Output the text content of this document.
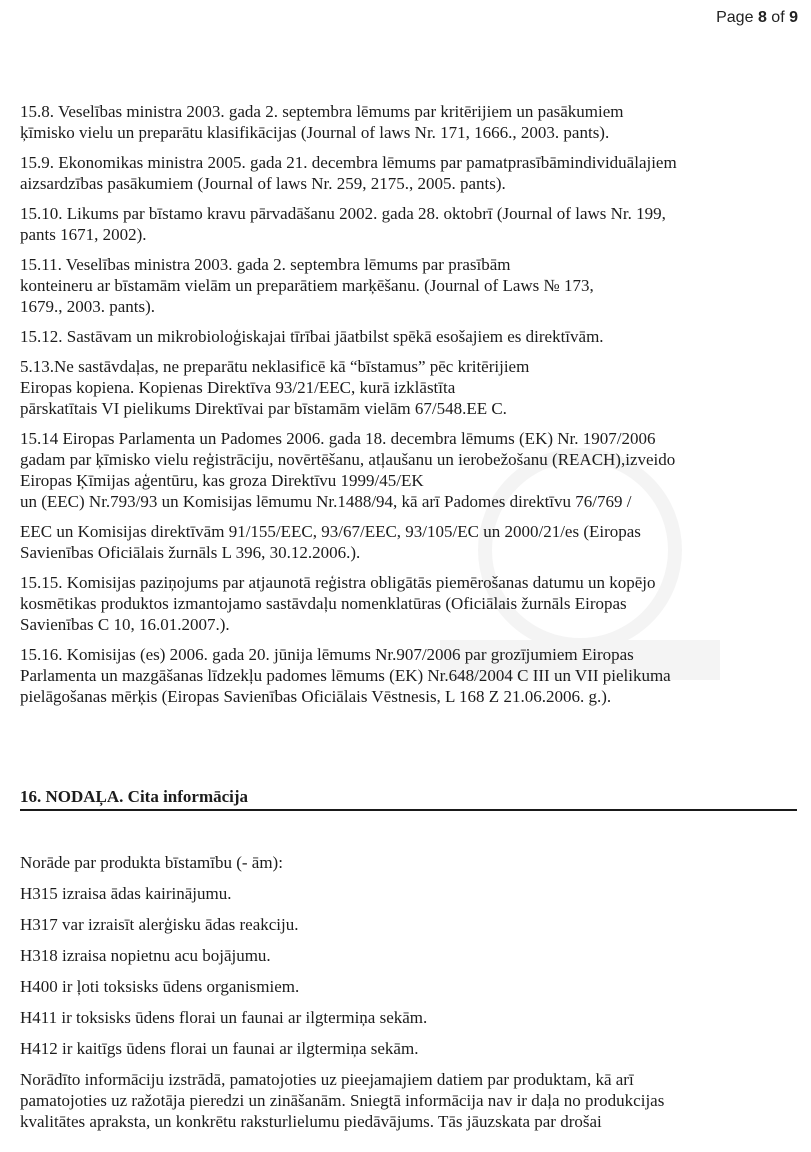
Page 8 of 9
15.8. Veselības ministra 2003. gada 2. septembra lēmums par kritērijiem un pasākumiem
ķīmisko vielu un preparātu klasifikācijas (Journal of laws Nr. 171, 1666., 2003. pants).
15.9. Ekonomikas ministra 2005. gada 21. decembra lēmums par pamatprasībāmindividuālajiem
aizsardzības pasākumiem (Journal of laws Nr. 259, 2175., 2005. pants).
15.10. Likums par bīstamo kravu pārvadāšanu 2002. gada 28. oktobrī (Journal of laws Nr. 199,
pants 1671, 2002).
15.11. Veselības ministra 2003. gada 2. septembra lēmums par prasībām
konteineru ar bīstamām vielām un preparātiem marķēšanu. (Journal of Laws № 173,
1679., 2003. pants).
15.12. Sastāvam un mikrobioloģiskajai tīrībai jāatbilst spēkā esošajiem es direktīvām.
5.13.Ne sastāvdaļas, ne preparātu neklasificē kā “bīstamus” pēc kritērijiem
Eiropas kopiena. Kopienas Direktīva 93/21/EEC, kurā izklāstīta
pārskatītais VI pielikums Direktīvai par bīstamām vielām 67/548.EE C.
15.14 Eiropas Parlamenta un Padomes 2006. gada 18. decembra lēmums (EK) Nr. 1907/2006
gadam par ķīmisko vielu reģistrāciju, novērtēšanu, atļaušanu un ierobežošanu (REACH),izveido
Eiropas Ķīmijas aģentūru, kas groza Direktīvu 1999/45/EK
un (EEC) Nr.793/93 un Komisijas lēmumu Nr.1488/94, kā arī Padomes direktīvu 76/769 /
EEC un Komisijas direktīvām 91/155/EEC, 93/67/EEC, 93/105/EC un 2000/21/es (Eiropas
Savienības Oficiālais žurnāls L 396, 30.12.2006.).
15.15. Komisijas paziņojums par atjaunotā reģistra obligātās piemērošanas datumu un kopējo
kosmētikas produktos izmantojamo sastāvdaļu nomenklatūras (Oficiālais žurnāls Eiropas
Savienības C 10, 16.01.2007.).
15.16. Komisijas (es) 2006. gada 20. jūnija lēmums Nr.907/2006 par grozījumiem Eiropas
Parlamenta un mazgāšanas līdzekļu padomes lēmums (EK) Nr.648/2004 C III un VII pielikuma
pielāgošanas mērķis (Eiropas Savienības Oficiālais Vēstnesis, L 168 Z 21.06.2006. g.).
16. NODAĻA. Cita informācija
Norāde par produkta bīstamību (- ām):
H315 izraisa ādas kairinājumu.
H317 var izraisīt alerģisku ādas reakciju.
H318 izraisa nopietnu acu bojājumu.
H400 ir ļoti toksisks ūdens organismiem.
H411 ir toksisks ūdens florai un faunai ar ilgtermiņa sekām.
H412 ir kaitīgs ūdens florai un faunai ar ilgtermiņa sekām.
Norādīto informāciju izstrādā, pamatojoties uz pieejamajiem datiem par produktam, kā arī
pamatojoties uz ražotāja pieredzi un zināšanām. Sniegtā informācija nav ir daļa no produkcijas
kvalitātes apraksta, un konkrētu raksturlielumu piedāvājums. Tās jāuzskata par drošai
